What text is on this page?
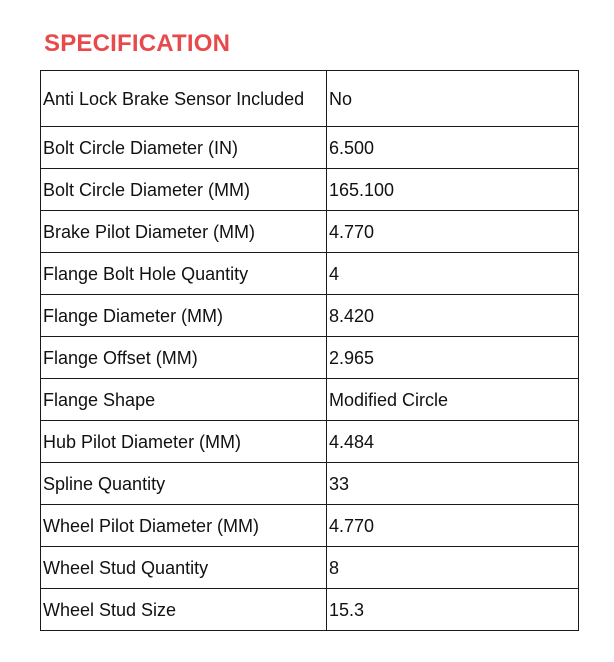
SPECIFICATION
Anti Lock Brake Sensor Included	No
Bolt Circle Diameter (IN)	6.500
Bolt Circle Diameter (MM)	165.100
Brake Pilot Diameter (MM)	4.770
Flange Bolt Hole Quantity	4
Flange Diameter (MM)	8.420
Flange Offset (MM)	2.965
Flange Shape	Modified Circle
Hub Pilot Diameter (MM)	4.484
Spline Quantity	33
Wheel Pilot Diameter (MM)	4.770
Wheel Stud Quantity	8
Wheel Stud Size	15.3
